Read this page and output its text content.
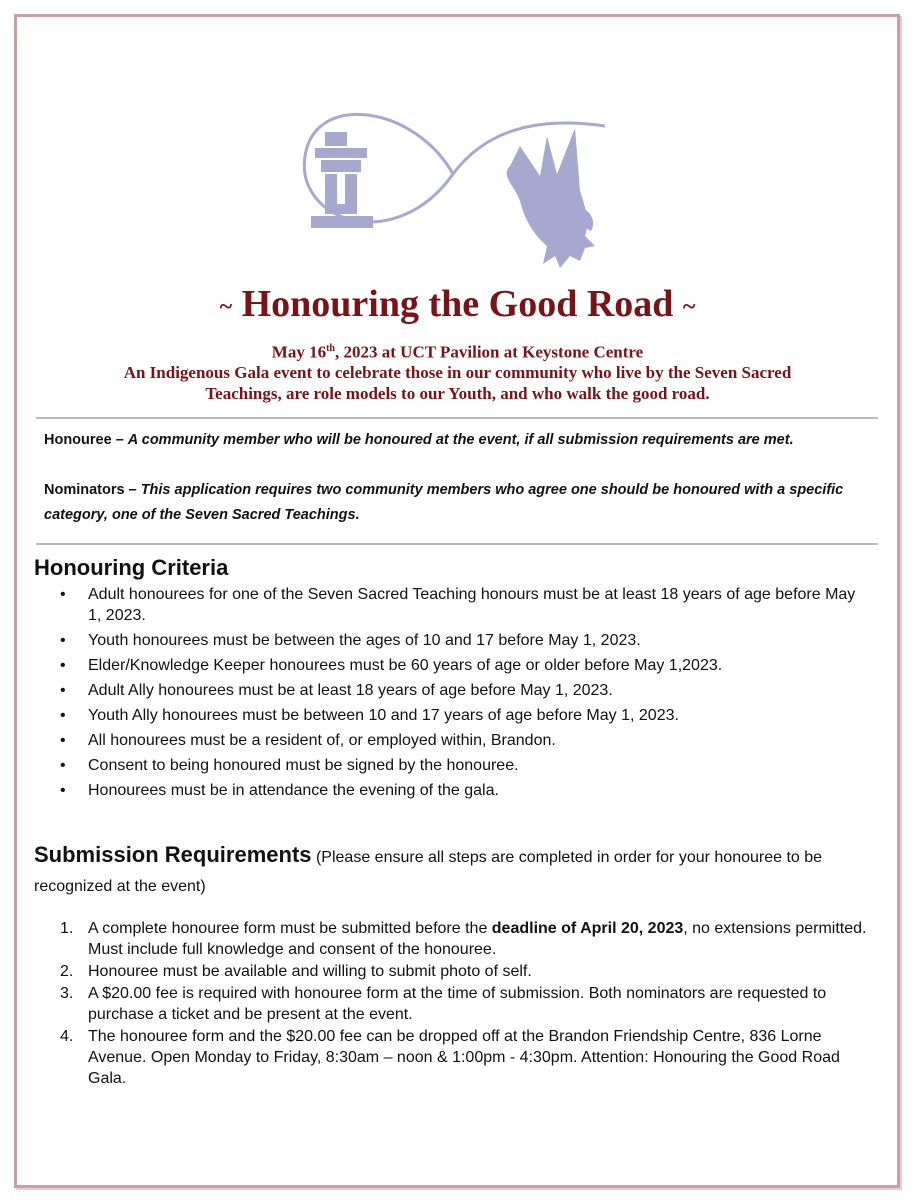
~ Honouring the Good Road ~
May 16th, 2023 at UCT Pavilion at Keystone Centre
An Indigenous Gala event to celebrate those in our community who live by the Seven Sacred
Teachings, are role models to our Youth, and who walk the good road.
Honouree – A community member who will be honoured at the event, if all submission requirements are met.
Nominators – This application requires two community members who agree one should be honoured with a specific category, one of the Seven Sacred Teachings.
Honouring Criteria
• Adult honourees for one of the Seven Sacred Teaching honours must be at least 18 years of age before May 1, 2023.
• Youth honourees must be between the ages of 10 and 17 before May 1, 2023.
• Elder/Knowledge Keeper honourees must be 60 years of age or older before May 1,2023.
• Adult Ally honourees must be at least 18 years of age before May 1, 2023.
• Youth Ally honourees must be between 10 and 17 years of age before May 1, 2023.
• All honourees must be a resident of, or employed within, Brandon.
• Consent to being honoured must be signed by the honouree.
• Honourees must be in attendance the evening of the gala.
Submission Requirements (Please ensure all steps are completed in order for your honouree to be recognized at the event)
1. A complete honouree form must be submitted before the deadline of April 20, 2023, no extensions permitted. Must include full knowledge and consent of the honouree.
2. Honouree must be available and willing to submit photo of self.
3. A $20.00 fee is required with honouree form at the time of submission. Both nominators are requested to purchase a ticket and be present at the event.
4. The honouree form and the $20.00 fee can be dropped off at the Brandon Friendship Centre, 836 Lorne Avenue. Open Monday to Friday, 8:30am – noon & 1:00pm - 4:30pm. Attention: Honouring the Good Road Gala.
